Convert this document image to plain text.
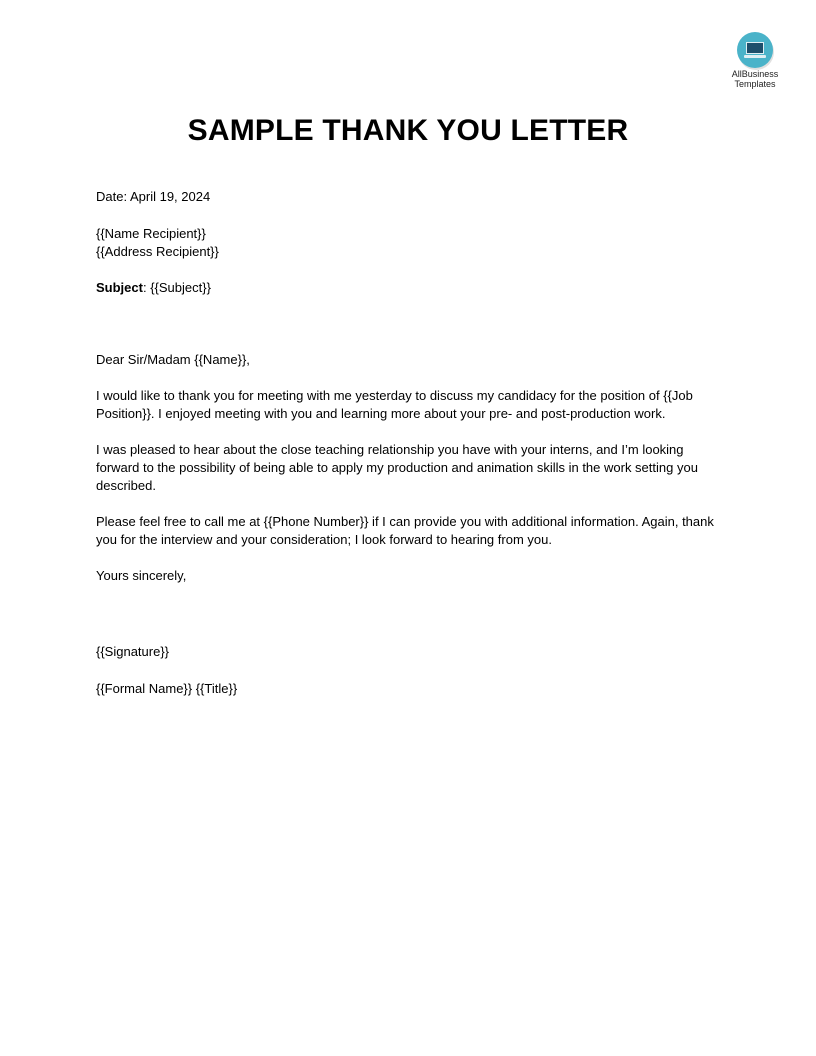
AllBusiness
Templates
SAMPLE THANK YOU LETTER

Date: April 19, 2024

{{Name Recipient}}

{{Address Recipient}}

Subject: {{Subject}}

Dear Sir/Madam {{Name}},

I would like to thank you for meeting with me yesterday to discuss my candidacy for the position of {{Job Position}}. I enjoyed meeting with you and learning more about your pre- and post-production work.

I was pleased to hear about the close teaching relationship you have with your interns, and I’m looking forward to the possibility of being able to apply my production and animation skills in the work setting you described.

Please feel free to call me at {{Phone Number}} if I can provide you with additional information. Again, thank you for the interview and your consideration; I look forward to hearing from you.

Yours sincerely,

{{Signature}}

{{Formal Name}} {{Title}}
